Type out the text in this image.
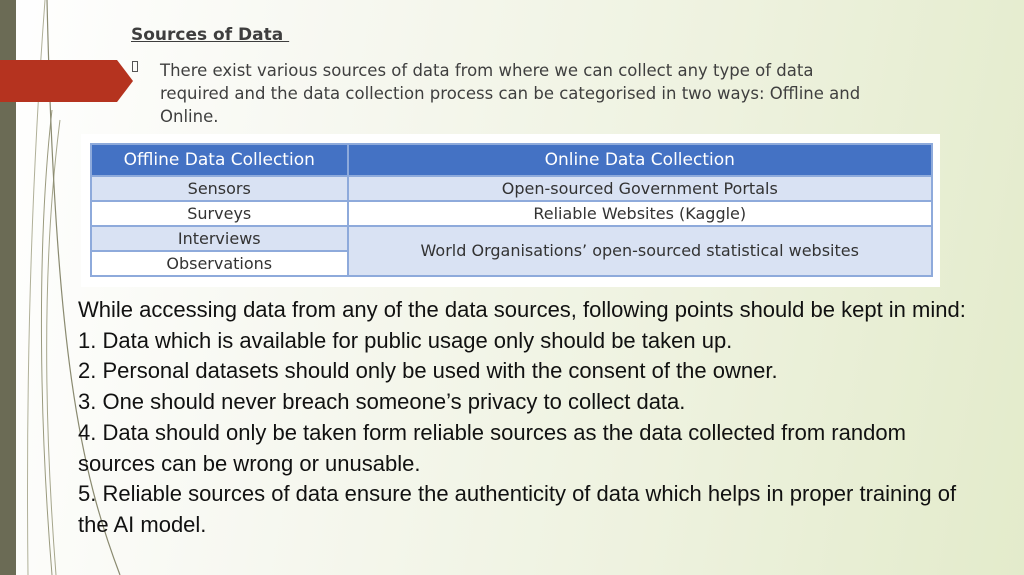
Sources of Data

There exist various sources of data from where we can collect any type of data required and the data collection process can be categorised in two ways: Offline and Online.

Offline Data Collection	Online Data Collection
Sensors	Open-sourced Government Portals
Surveys	Reliable Websites (Kaggle)
Interviews	World Organisations’ open-sourced statistical websites
Observations	

While accessing data from any of the data sources, following points should be kept in mind:

1. Data which is available for public usage only should be taken up.

2. Personal datasets should only be used with the consent of the owner.

3. One should never breach someone’s privacy to collect data.

4. Data should only be taken form reliable sources as the data collected from random sources can be wrong or unusable.

5. Reliable sources of data ensure the authenticity of data which helps in proper training of the AI model.
